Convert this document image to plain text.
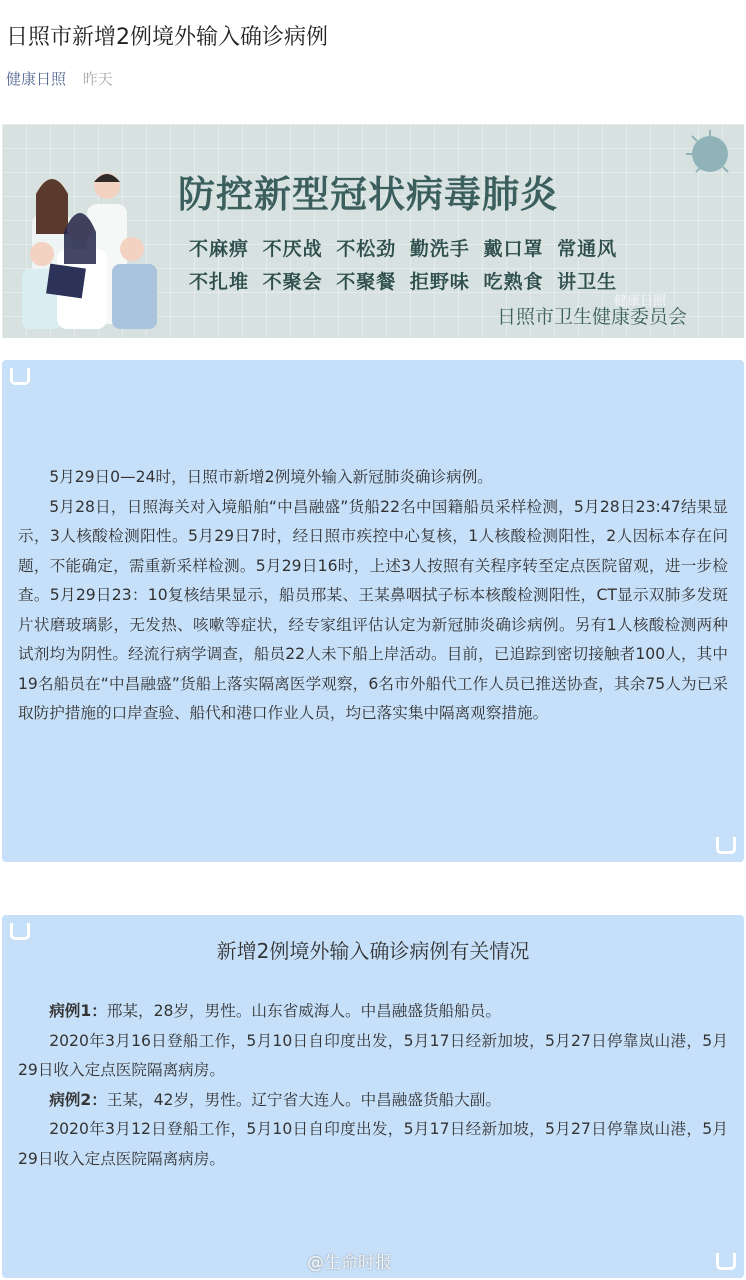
日照市新增2例境外输入确诊病例
健康日照 昨天
防控新型冠状病毒肺炎
不麻痹 不厌战 不松劲 勤洗手 戴口罩 常通风
不扎堆 不聚会 不聚餐 拒野味 吃熟食 讲卫生
健康日照
日照市卫生健康委员会

5月29日0—24时，日照市新增2例境外输入新冠肺炎确诊病例。

5月28日，日照海关对入境船舶“中昌融盛”货船22名中国籍船员采样检测，5月28日23:47结果显示，3人核酸检测阳性。5月29日7时，经日照市疾控中心复核，1人核酸检测阳性，2人因标本存在问题，不能确定，需重新采样检测。5月29日16时，上述3人按照有关程序转至定点医院留观，进一步检查。5月29日23：10复核结果显示，船员邢某、王某鼻咽拭子标本核酸检测阳性，CT显示双肺多发斑片状磨玻璃影，无发热、咳嗽等症状，经专家组评估认定为新冠肺炎确诊病例。另有1人核酸检测两种试剂均为阴性。经流行病学调查，船员22人未下船上岸活动。目前，已追踪到密切接触者100人，其中19名船员在“中昌融盛”货船上落实隔离医学观察，6名市外船代工作人员已推送协查，其余75人为已采取防护措施的口岸查验、船代和港口作业人员，均已落实集中隔离观察措施。

新增2例境外输入确诊病例有关情况

病例1：邢某，28岁，男性。山东省威海人。中昌融盛货船船员。

2020年3月16日登船工作，5月10日自印度出发，5月17日经新加坡，5月27日停靠岚山港，5月29日收入定点医院隔离病房。

病例2：王某，42岁，男性。辽宁省大连人。中昌融盛货船大副。

2020年3月12日登船工作，5月10日自印度出发，5月17日经新加坡，5月27日停靠岚山港，5月29日收入定点医院隔离病房。

@生命时报
